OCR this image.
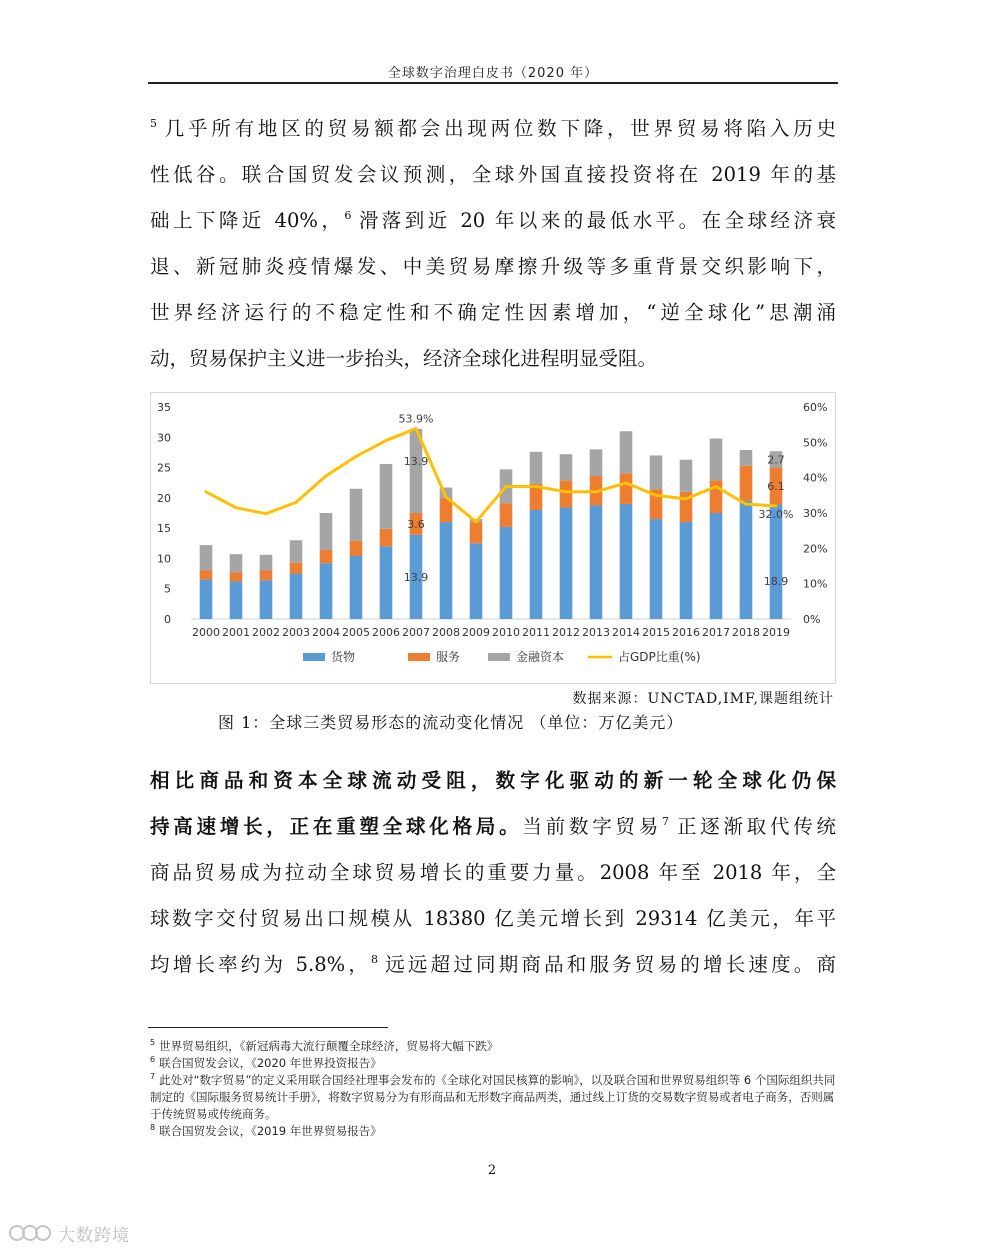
全球数字治理白皮书（2020 年）
$^5$ 几乎所有地区的贸易额都会出现两位数下降，世界贸易将陷入历史
性低谷。联合国贸发会议预测，全球外国直接投资将在 2019 年的基
础上下降近 40%，$^6$ 滑落到近 20 年以来的最低水平。在全球经济衰
退、新冠肺炎疫情爆发、中美贸易摩擦升级等多重背景交织影响下，
世界经济运行的不稳定性和不确定性因素增加，“逆全球化”思潮涌
动，贸易保护主义进一步抬头，经济全球化进程明显受阻。
0
5
10
15
20
25
30
35
0%
10%
20%
30%
40%
50%
60%
2000 2001 2002 2003 2004 2005 2006 2007 2008 2009 2010 2011 2012 2013 2014 2015 2016 2017 2018 2019
53.9%
13.9
3.6
13.9	2.7
6.1
32.0%
18.9
货物	服务	金融资本	占GDP比重(%)
数据来源：UNCTAD,IMF,课题组统计
图 1：全球三类贸易形态的流动变化情况 （单位：万亿美元）
相比商品和资本全球流动受阻，数字化驱动的新一轮全球化仍保
持高速增长，正在重塑全球化格局。当前数字贸易$^7$ 正逐渐取代传统
商品贸易成为拉动全球贸易增长的重要力量。2008 年至 2018 年，全
球数字交付贸易出口规模从 18380 亿美元增长到 29314 亿美元，年平
均增长率约为 5.8%，$^8$ 远远超过同期商品和服务贸易的增长速度。商
$^5$ 世界贸易组织，《新冠病毒大流行颠覆全球经济，贸易将大幅下跌》
$^6$ 联合国贸发会议，《2020 年世界投资报告》
$^7$ 此处对“数字贸易”的定义采用联合国经社理事会发布的《全球化对国民核算的影响》，以及联合国和世界贸易组织等 6 个国际组织共同制定的《国际服务贸易统计手册》，将数字贸易分为有形商品和无形数字商品两类，通过线上订货的交易数字贸易或者电子商务，否则属于传统贸易或传统商务。
$^8$ 联合国贸发会议，《2019 年世界贸易报告》
2
大数跨境
